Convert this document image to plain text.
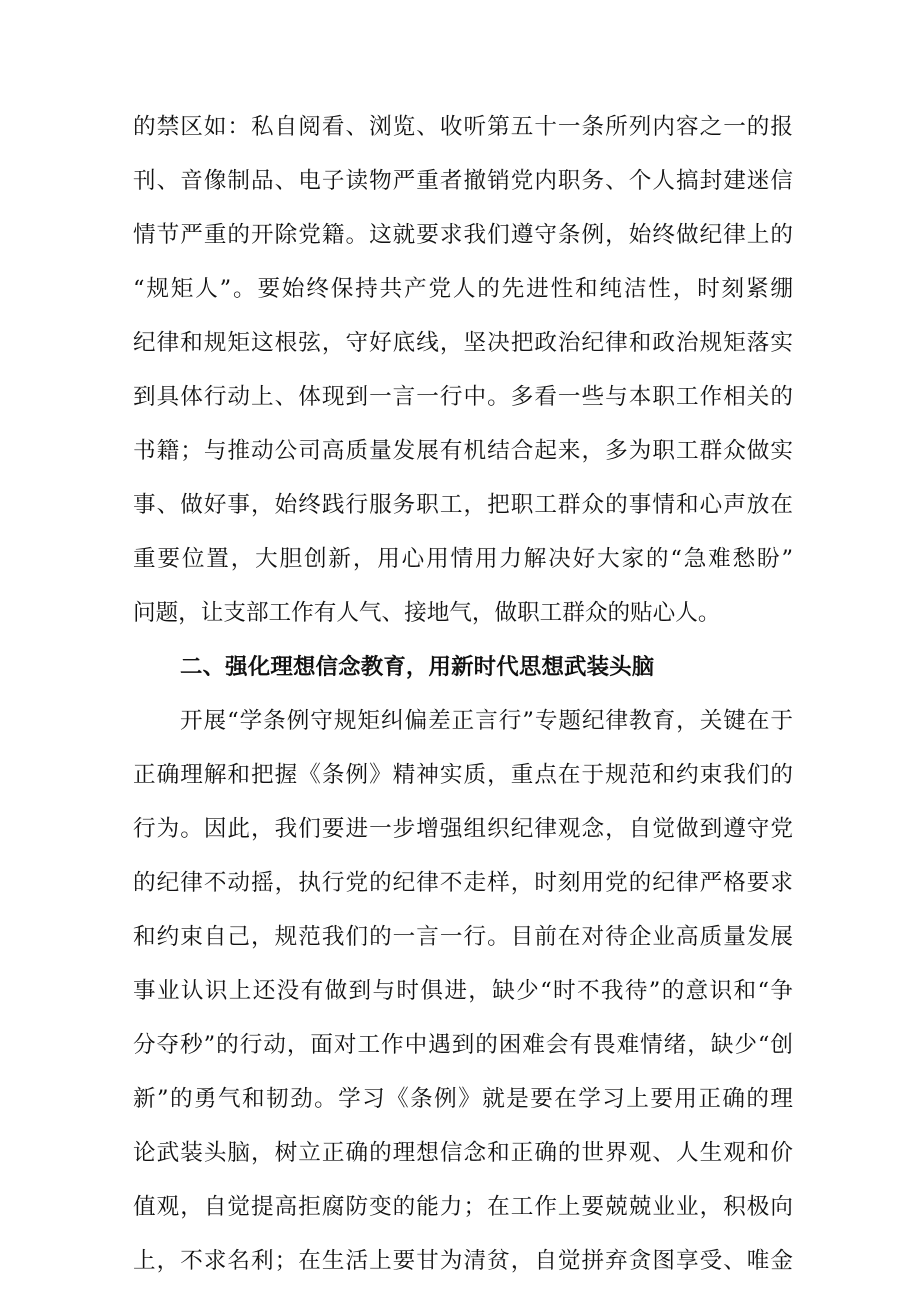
的禁区如：私自阅看、浏览、收听第五十一条所列内容之一的报
刊、音像制品、电子读物严重者撤销党内职务、个人搞封建迷信
情节严重的开除党籍。这就要求我们遵守条例，始终做纪律上的
“规矩人”。要始终保持共产党人的先进性和纯洁性，时刻紧绷
纪律和规矩这根弦，守好底线，坚决把政治纪律和政治规矩落实
到具体行动上、体现到一言一行中。多看一些与本职工作相关的
书籍；与推动公司高质量发展有机结合起来，多为职工群众做实
事、做好事，始终践行服务职工，把职工群众的事情和心声放在
重要位置，大胆创新，用心用情用力解决好大家的“急难愁盼”
问题，让支部工作有人气、接地气，做职工群众的贴心人。
二、强化理想信念教育，用新时代思想武装头脑
开展“学条例守规矩纠偏差正言行”专题纪律教育，关键在于
正确理解和把握《条例》精神实质，重点在于规范和约束我们的
行为。因此，我们要进一步增强组织纪律观念，自觉做到遵守党
的纪律不动摇，执行党的纪律不走样，时刻用党的纪律严格要求
和约束自己，规范我们的一言一行。目前在对待企业高质量发展
事业认识上还没有做到与时俱进，缺少“时不我待”的意识和“争
分夺秒”的行动，面对工作中遇到的困难会有畏难情绪，缺少“创
新”的勇气和韧劲。学习《条例》就是要在学习上要用正确的理
论武装头脑，树立正确的理想信念和正确的世界观、人生观和价
值观，自觉提高拒腐防变的能力；在工作上要兢兢业业，积极向
上，不求名利；在生活上要甘为清贫，自觉拼弃贪图享受、唯金
